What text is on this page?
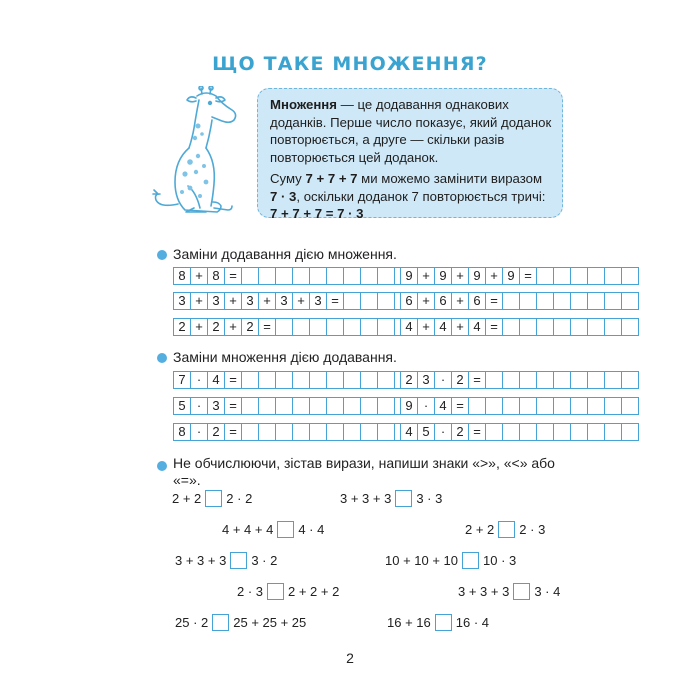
ЩО ТАКЕ МНОЖЕННЯ?

Множення — це додавання однакових доданків. Перше число показує, який доданок повторюється, а друге — скільки разів повторюється цей доданок.

Суму 7 + 7 + 7 ми можемо замінити виразом 7 · 3, оскільки доданок 7 повторюється тричі: 7 + 7 + 7 = 7 · 3

Заміни додавання дією множення.
8 + 8 =	9 + 9 + 9 + 9 =
3 + 3 + 3 + 3 + 3 =	6 + 6 + 6 =
2 + 2 + 2 =	4 + 4 + 4 =
Заміни множення дією додавання.
7 · 4 =	2 3 · 2 =
5 · 3 =	9 · 4 =
8 · 2 =	4 5 · 2 =
Не обчислюючи, зістав вирази, напиши знаки «>», «<» або «=».
2 + 2 2 · 2	3 + 3 + 3 3 · 3
4 + 4 + 4 4 · 4	2 + 2 2 · 3
3 + 3 + 3 3 · 2	10 + 10 + 10 10 · 3
2 · 3 2 + 2 + 2	3 + 3 + 3 3 · 4
25 · 2 25 + 25 + 25	16 + 16 16 · 4
2
